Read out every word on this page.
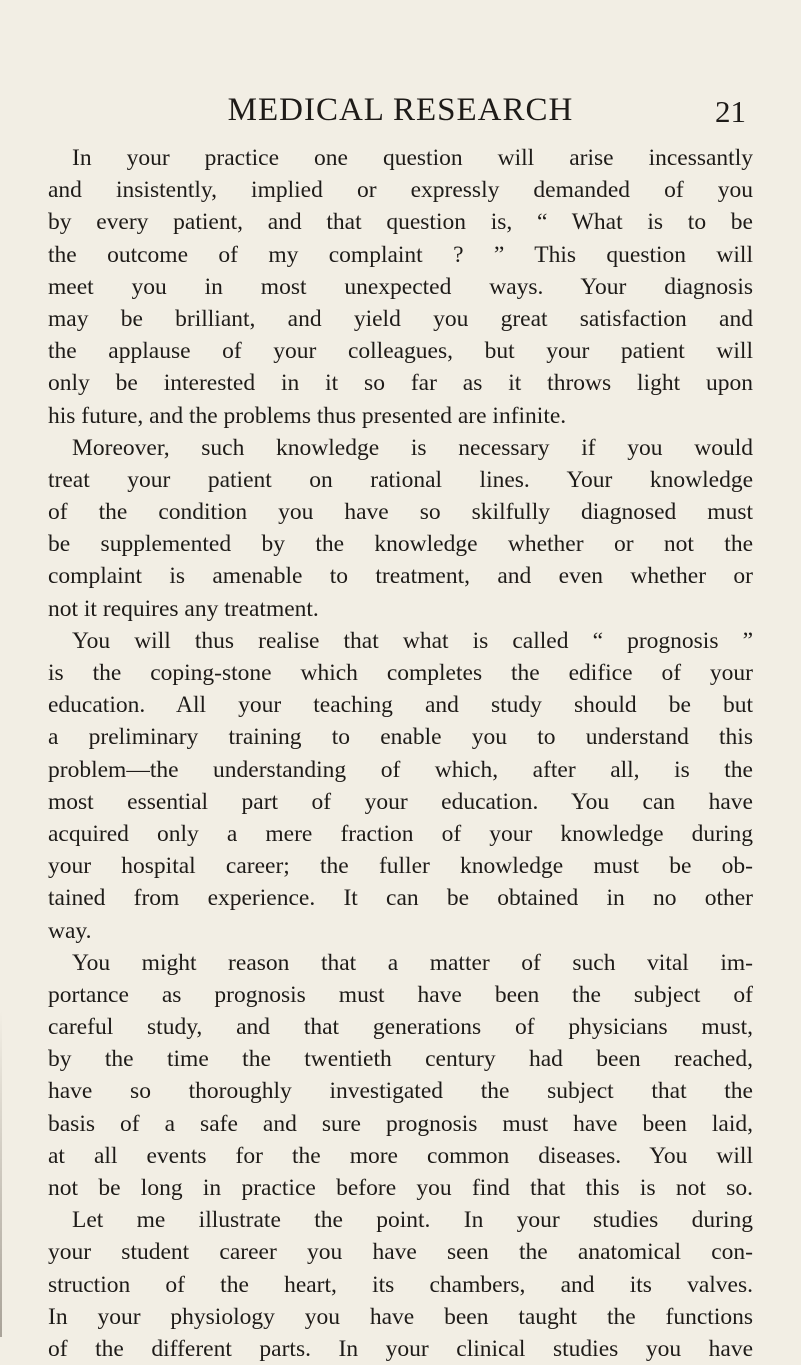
MEDICAL RESEARCH	21
In your practice one question will arise incessantly
and insistently, implied or expressly demanded of you
by every patient, and that question is, “ What is to be
the outcome of my complaint ? ” This question will
meet you in most unexpected ways. Your diagnosis
may be brilliant, and yield you great satisfaction and
the applause of your colleagues, but your patient will
only be interested in it so far as it throws light upon
his future, and the problems thus presented are infinite.
Moreover, such knowledge is necessary if you would
treat your patient on rational lines. Your knowledge
of the condition you have so skilfully diagnosed must
be supplemented by the knowledge whether or not the
complaint is amenable to treatment, and even whether or
not it requires any treatment.
You will thus realise that what is called “ prognosis ”
is the coping-stone which completes the edifice of your
education. All your teaching and study should be but
a preliminary training to enable you to understand this
problem—the understanding of which, after all, is the
most essential part of your education. You can have
acquired only a mere fraction of your knowledge during
your hospital career; the fuller knowledge must be ob-
tained from experience. It can be obtained in no other
way.
You might reason that a matter of such vital im-
portance as prognosis must have been the subject of
careful study, and that generations of physicians must,
by the time the twentieth century had been reached,
have so thoroughly investigated the subject that the
basis of a safe and sure prognosis must have been laid,
at all events for the more common diseases. You will
not be long in practice before you find that this is not so.
Let me illustrate the point. In your studies during
your student career you have seen the anatomical con-
struction of the heart, its chambers, and its valves.
In your physiology you have been taught the functions
of the different parts. In your clinical studies you have
